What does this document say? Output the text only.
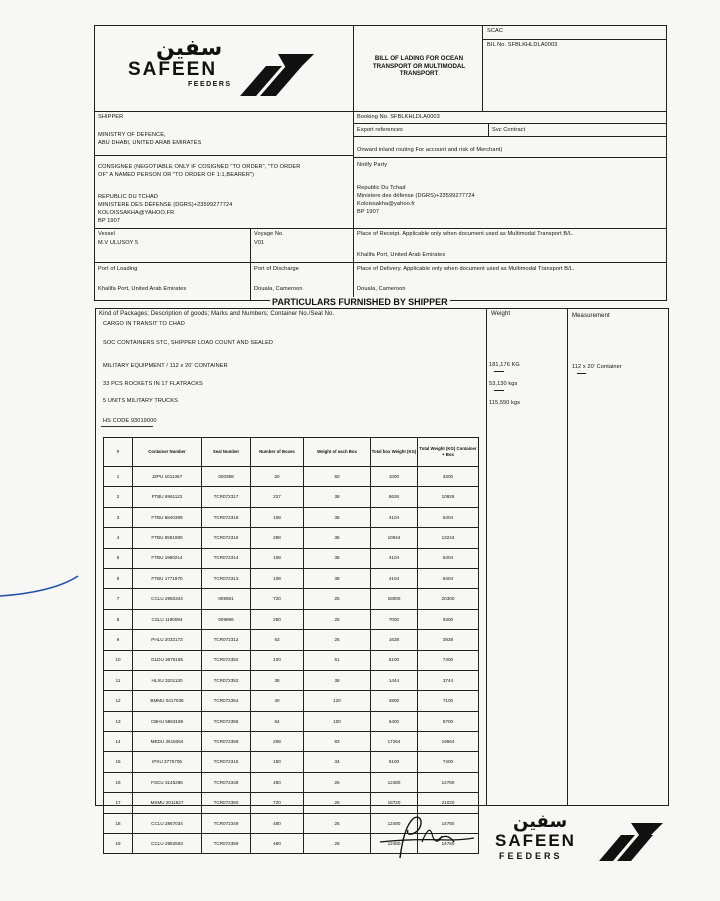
سفين
SAFEEN
FEEDERS
BILL OF LADING FOR OCEAN
TRANSPORT OR MULTIMODAL
TRANSPORT
SCAC
BIL No. SFBLKHLDLA0003
SHIPPER
MINISTRY OF DEFENCE,
ABU DHABI, UNITED ARAB EMIRATES
Booking No. SFBLKHLDLA0003
Export references	Svc Contract
Onward inland routing For account and risk of Merchant)
CONSIGNEE (NEGOTIABLE ONLY IF COSIGNED "TO ORDER", "TO ORDER
OF" A NAMED PERSON OR "TO ORDER OF 1:1,BEARER")
REPUBLIC DU TCHAD
MINISTERE DES DÉFENSE (DGRS)+23599277724
KOLOISSAKHA@YAHOO.FR
BP 1907
Notify Party
Republic Du Tchad
Ministere des défense (DGRS)+23599277724
Koloissakha@yahoo.fr
BP 1907
Vessel
M.V ULUSOY 5
Voyage No.
V01
Place of Receipt. Applicable only when document used as Multimodal Transport B/L.
Khalifa Port, United Arab Emirates
Port of Loading
Khalifa Port, United Arab Emirates
Port of Discharge
Douala, Cameroon
Place of Delivery. Applicable only when document used as Multimodal Transport B/L.
Douala, Cameroon
PARTICULARS FURNISHED BY SHIPPER
Kind of Packages; Description of goods; Marks and Numbers; Container No./Seal No.	Weight	Measurement
CARGO IN TRANSIT TO CHAD
SOC CONTAINERS STC, SHIPPER LOAD COUNT AND SEALED
MILITARY EQUIPMENT / 112 x 20' CONTAINER
33 PCS ROCKETS IN 17 FLATRACKS
5 UNITS MILITARY TRUCKS
HS CODE 93019000
181,176 KG
53,130 kgs
115,550 kgs
112 x 20' Container
#	Container Number	Seal Number	Number of Boxes	Weight of each Box	Total box Weight (KG)	Total Weight (KG) Container + Box
1	JZPU 1011367	000398	20	50	1000	3300
2	FTBU 6961122	TCR072317	227	38	8626	10926
3	FTBU 6840389	TCR072318	108	38	4104	6404
4	FTBU 6591990	TCR072316	288	38	10944	13244
5	FTBU 1960214	TCR072314	108	38	4104	6404
6	FTBU 1771970	TCR072313	108	38	4104	6404
7	CCLU 2950344	009981	720	25	18000	20300
8	CSLU 1190084	009896	280	25	7000	9300
9	PHLU 2032173	TCR072312	63	26	1638	3938
10	GLDU 3676155	TCR072352	100	51	5100	7400
11	HLXU 3201130	TCR072353	38	38	1444	3744
12	BMMU 0417036	TCR072354	40	120	4800	7100
13	CBHU 5863198	TCR072355	64	100	6400	8700
14	MEDU 3615064	TCR072356	208	83	17264	19564
15	IPXU 3775706	TCR072315	150	34	5100	7400
16	FSCU 3145286	TCR072348	480	26	12480	14780
17	MSMU 2011827	TCR072350	720	26	18720	21020
18	CCLU 2867034	TCR072349	480	26	12480	14780
19	CCLU 2952563	TCR072359	480	26	12480	14780
سفين
SAFEEN
FEEDERS
